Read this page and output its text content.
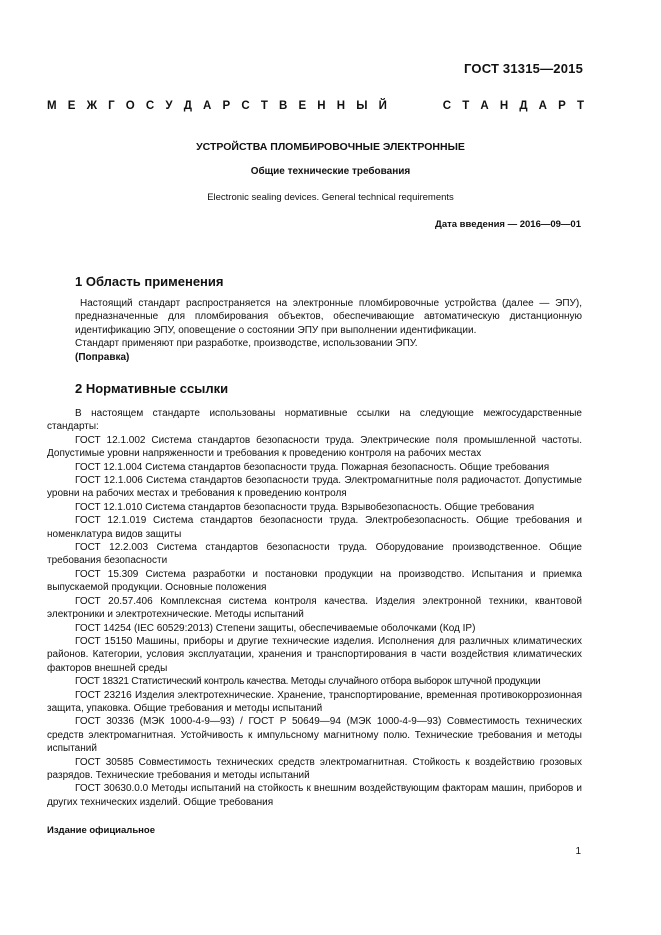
ГОСТ 31315—2015
М Е Ж Г О С У Д А Р С Т В Е Н Н Ы Й     С Т А Н Д А Р Т
УСТРОЙСТВА ПЛОМБИРОВОЧНЫЕ ЭЛЕКТРОННЫЕ
Общие технические требования
Electronic sealing devices. General technical requirements
Дата введения — 2016—09—01
1 Область применения

Настоящий стандарт распространяется на электронные пломбировочные устройства (далее — ЭПУ), предназначенные для пломбирования объектов, обеспечивающие автоматическую дистанционную идентификацию ЭПУ, оповещение о состоянии ЭПУ при выполнении идентификации.

Стандарт применяют при разработке, производстве, использовании ЭПУ.

(Поправка)

2 Нормативные ссылки

В настоящем стандарте использованы нормативные ссылки на следующие межгосударственные стандарты:

ГОСТ 12.1.002 Система стандартов безопасности труда. Электрические поля промышленной частоты. Допустимые уровни напряженности и требования к проведению контроля на рабочих местах

ГОСТ 12.1.004 Система стандартов безопасности труда. Пожарная безопасность. Общие требования

ГОСТ 12.1.006 Система стандартов безопасности труда. Электромагнитные поля радиочастот. Допустимые уровни на рабочих местах и требования к проведению контроля

ГОСТ 12.1.010 Система стандартов безопасности труда. Взрывобезопасность. Общие требования

ГОСТ 12.1.019 Система стандартов безопасности труда. Электробезопасность. Общие требования и номенклатура видов защиты

ГОСТ 12.2.003 Система стандартов безопасности труда. Оборудование производственное. Общие требования безопасности

ГОСТ 15.309 Система разработки и постановки продукции на производство. Испытания и приемка выпускаемой продукции. Основные положения

ГОСТ 20.57.406 Комплексная система контроля качества. Изделия электронной техники, квантовой электроники и электротехнические. Методы испытаний

ГОСТ 14254 (IEC 60529:2013) Степени защиты, обеспечиваемые оболочками (Код IP)

ГОСТ 15150 Машины, приборы и другие технические изделия. Исполнения для различных климатических районов. Категории, условия эксплуатации, хранения и транспортирования в части воздействия климатических факторов внешней среды

ГОСТ 18321 Статистический контроль качества. Методы случайного отбора выборок штучной продукции

ГОСТ 23216 Изделия электротехнические. Хранение, транспортирование, временная противокоррозионная защита, упаковка. Общие требования и методы испытаний

ГОСТ 30336 (МЭК 1000-4-9—93) / ГОСТ Р 50649—94 (МЭК 1000-4-9—93) Совместимость технических средств электромагнитная. Устойчивость к импульсному магнитному полю. Технические требования и методы испытаний

ГОСТ 30585 Совместимость технических средств электромагнитная. Стойкость к воздействию грозовых разрядов. Технические требования и методы испытаний

ГОСТ 30630.0.0 Методы испытаний на стойкость к внешним воздействующим факторам машин, приборов и других технических изделий. Общие требования

Издание официальное
1
